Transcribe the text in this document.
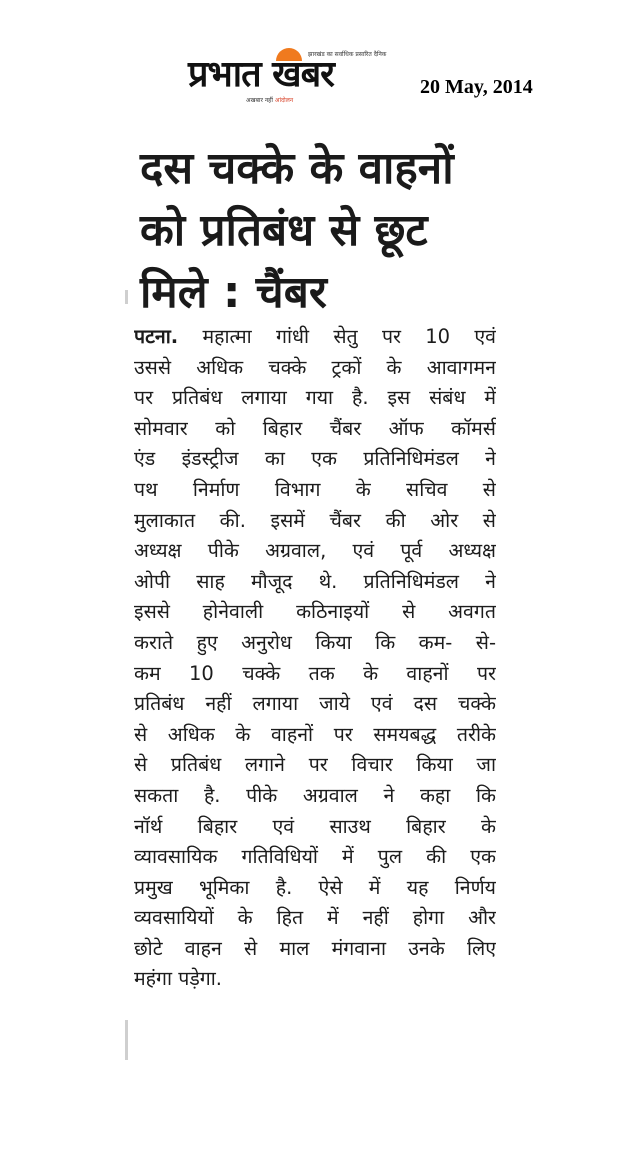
झारखंड का सर्वाधिक प्रसारित दैनिक
प्रभात खबर
अखबार नहीं आंदोलन
20 May, 2014
दस चक्के के वाहनों
को प्रतिबंध से छूट
मिले : चैंबर
पटना. महात्मा गांधी सेतु पर 10 एवं
उससे अधिक चक्के ट्रकों के आवागमन
पर प्रतिबंध लगाया गया है. इस संबंध में
सोमवार को बिहार चैंबर ऑफ कॉमर्स
एंड इंडस्ट्रीज का एक प्रतिनिधिमंडल ने
पथ निर्माण विभाग के सचिव से
मुलाकात की. इसमें चैंबर की ओर से
अध्यक्ष पीके अग्रवाल, एवं पूर्व अध्यक्ष
ओपी साह मौजूद थे. प्रतिनिधिमंडल ने
इससे होनेवाली कठिनाइयों से अवगत
कराते हुए अनुरोध किया कि कम- से-
कम 10 चक्के तक के वाहनों पर
प्रतिबंध नहीं लगाया जाये एवं दस चक्के
से अधिक के वाहनों पर समयबद्ध तरीके
से प्रतिबंध लगाने पर विचार किया जा
सकता है. पीके अग्रवाल ने कहा कि
नॉर्थ बिहार एवं साउथ बिहार के
व्यावसायिक गतिविधियों में पुल की एक
प्रमुख भूमिका है. ऐसे में यह निर्णय
व्यवसायियों के हित में नहीं होगा और
छोटे वाहन से माल मंगवाना उनके लिए
महंगा पड़ेगा.
